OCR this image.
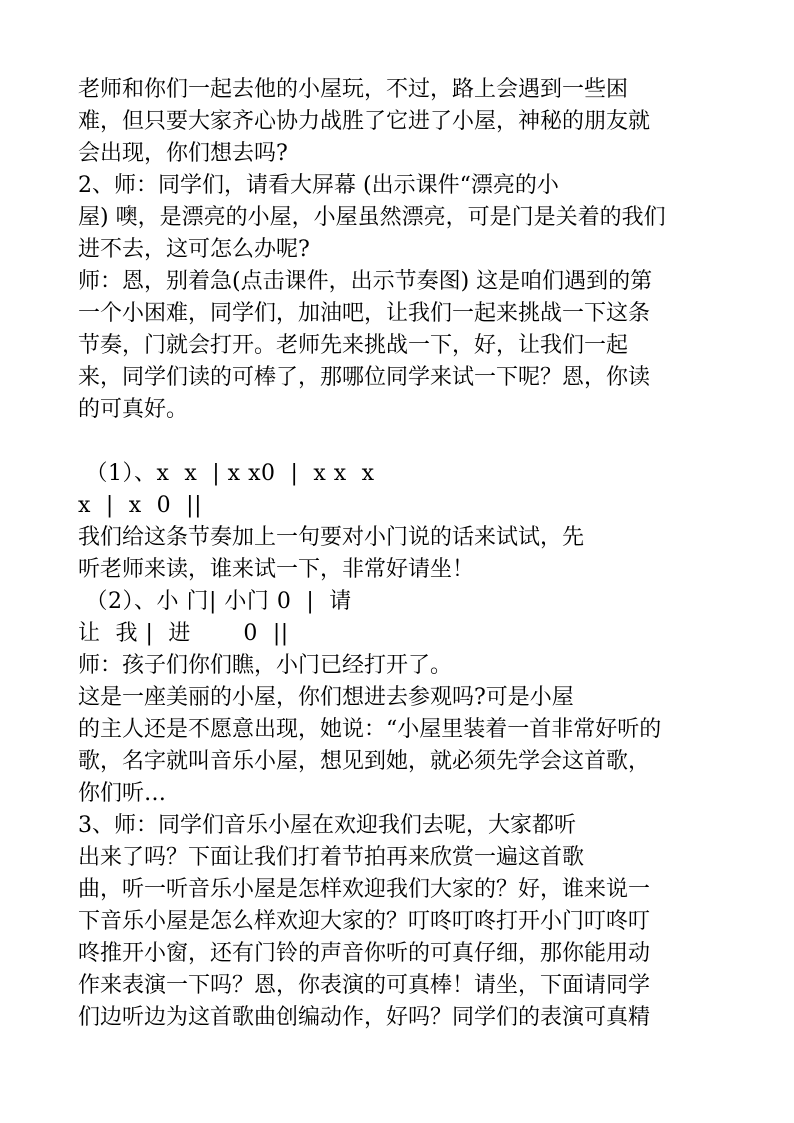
老师和你们一起去他的小屋玩，不过，路上会遇到一些困
难，但只要大家齐心协力战胜了它进了小屋，神秘的朋友就
会出现，你们想去吗?
2、师：同学们，请看大屏幕 (出示课件“漂亮的小
屋) 噢，是漂亮的小屋，小屋虽然漂亮，可是门是关着的我们
进不去，这可怎么办呢?
师：恩，别着急(点击课件，出示节奏图) 这是咱们遇到的第
一个小困难，同学们，加油吧，让我们一起来挑战一下这条
节奏，门就会打开。老师先来挑战一下，好，让我们一起
来，同学们读的可棒了，那哪位同学来试一下呢？恩，你读
的可真好。
（1）、x  x  | x x0  |  x x  x
x  |  x  0  ||
我们给这条节奏加上一句要对小门说的话来试试，先
听老师来读，谁来试一下，非常好请坐！
（2）、小 门| 小门 0  |  请
让  我 |  进       0  ||
师：孩子们你们瞧，小门已经打开了。
这是一座美丽的小屋，你们想进去参观吗?可是小屋
的主人还是不愿意出现，她说：“小屋里装着一首非常好听的
歌，名字就叫音乐小屋，想见到她，就必须先学会这首歌，
你们听…
3、师：同学们音乐小屋在欢迎我们去呢，大家都听
出来了吗？下面让我们打着节拍再来欣赏一遍这首歌
曲，听一听音乐小屋是怎样欢迎我们大家的？好，谁来说一
下音乐小屋是怎么样欢迎大家的？叮咚叮咚打开小门叮咚叮
咚推开小窗，还有门铃的声音你听的可真仔细，那你能用动
作来表演一下吗？恩，你表演的可真棒！请坐，下面请同学
们边听边为这首歌曲创编动作，好吗？同学们的表演可真精
